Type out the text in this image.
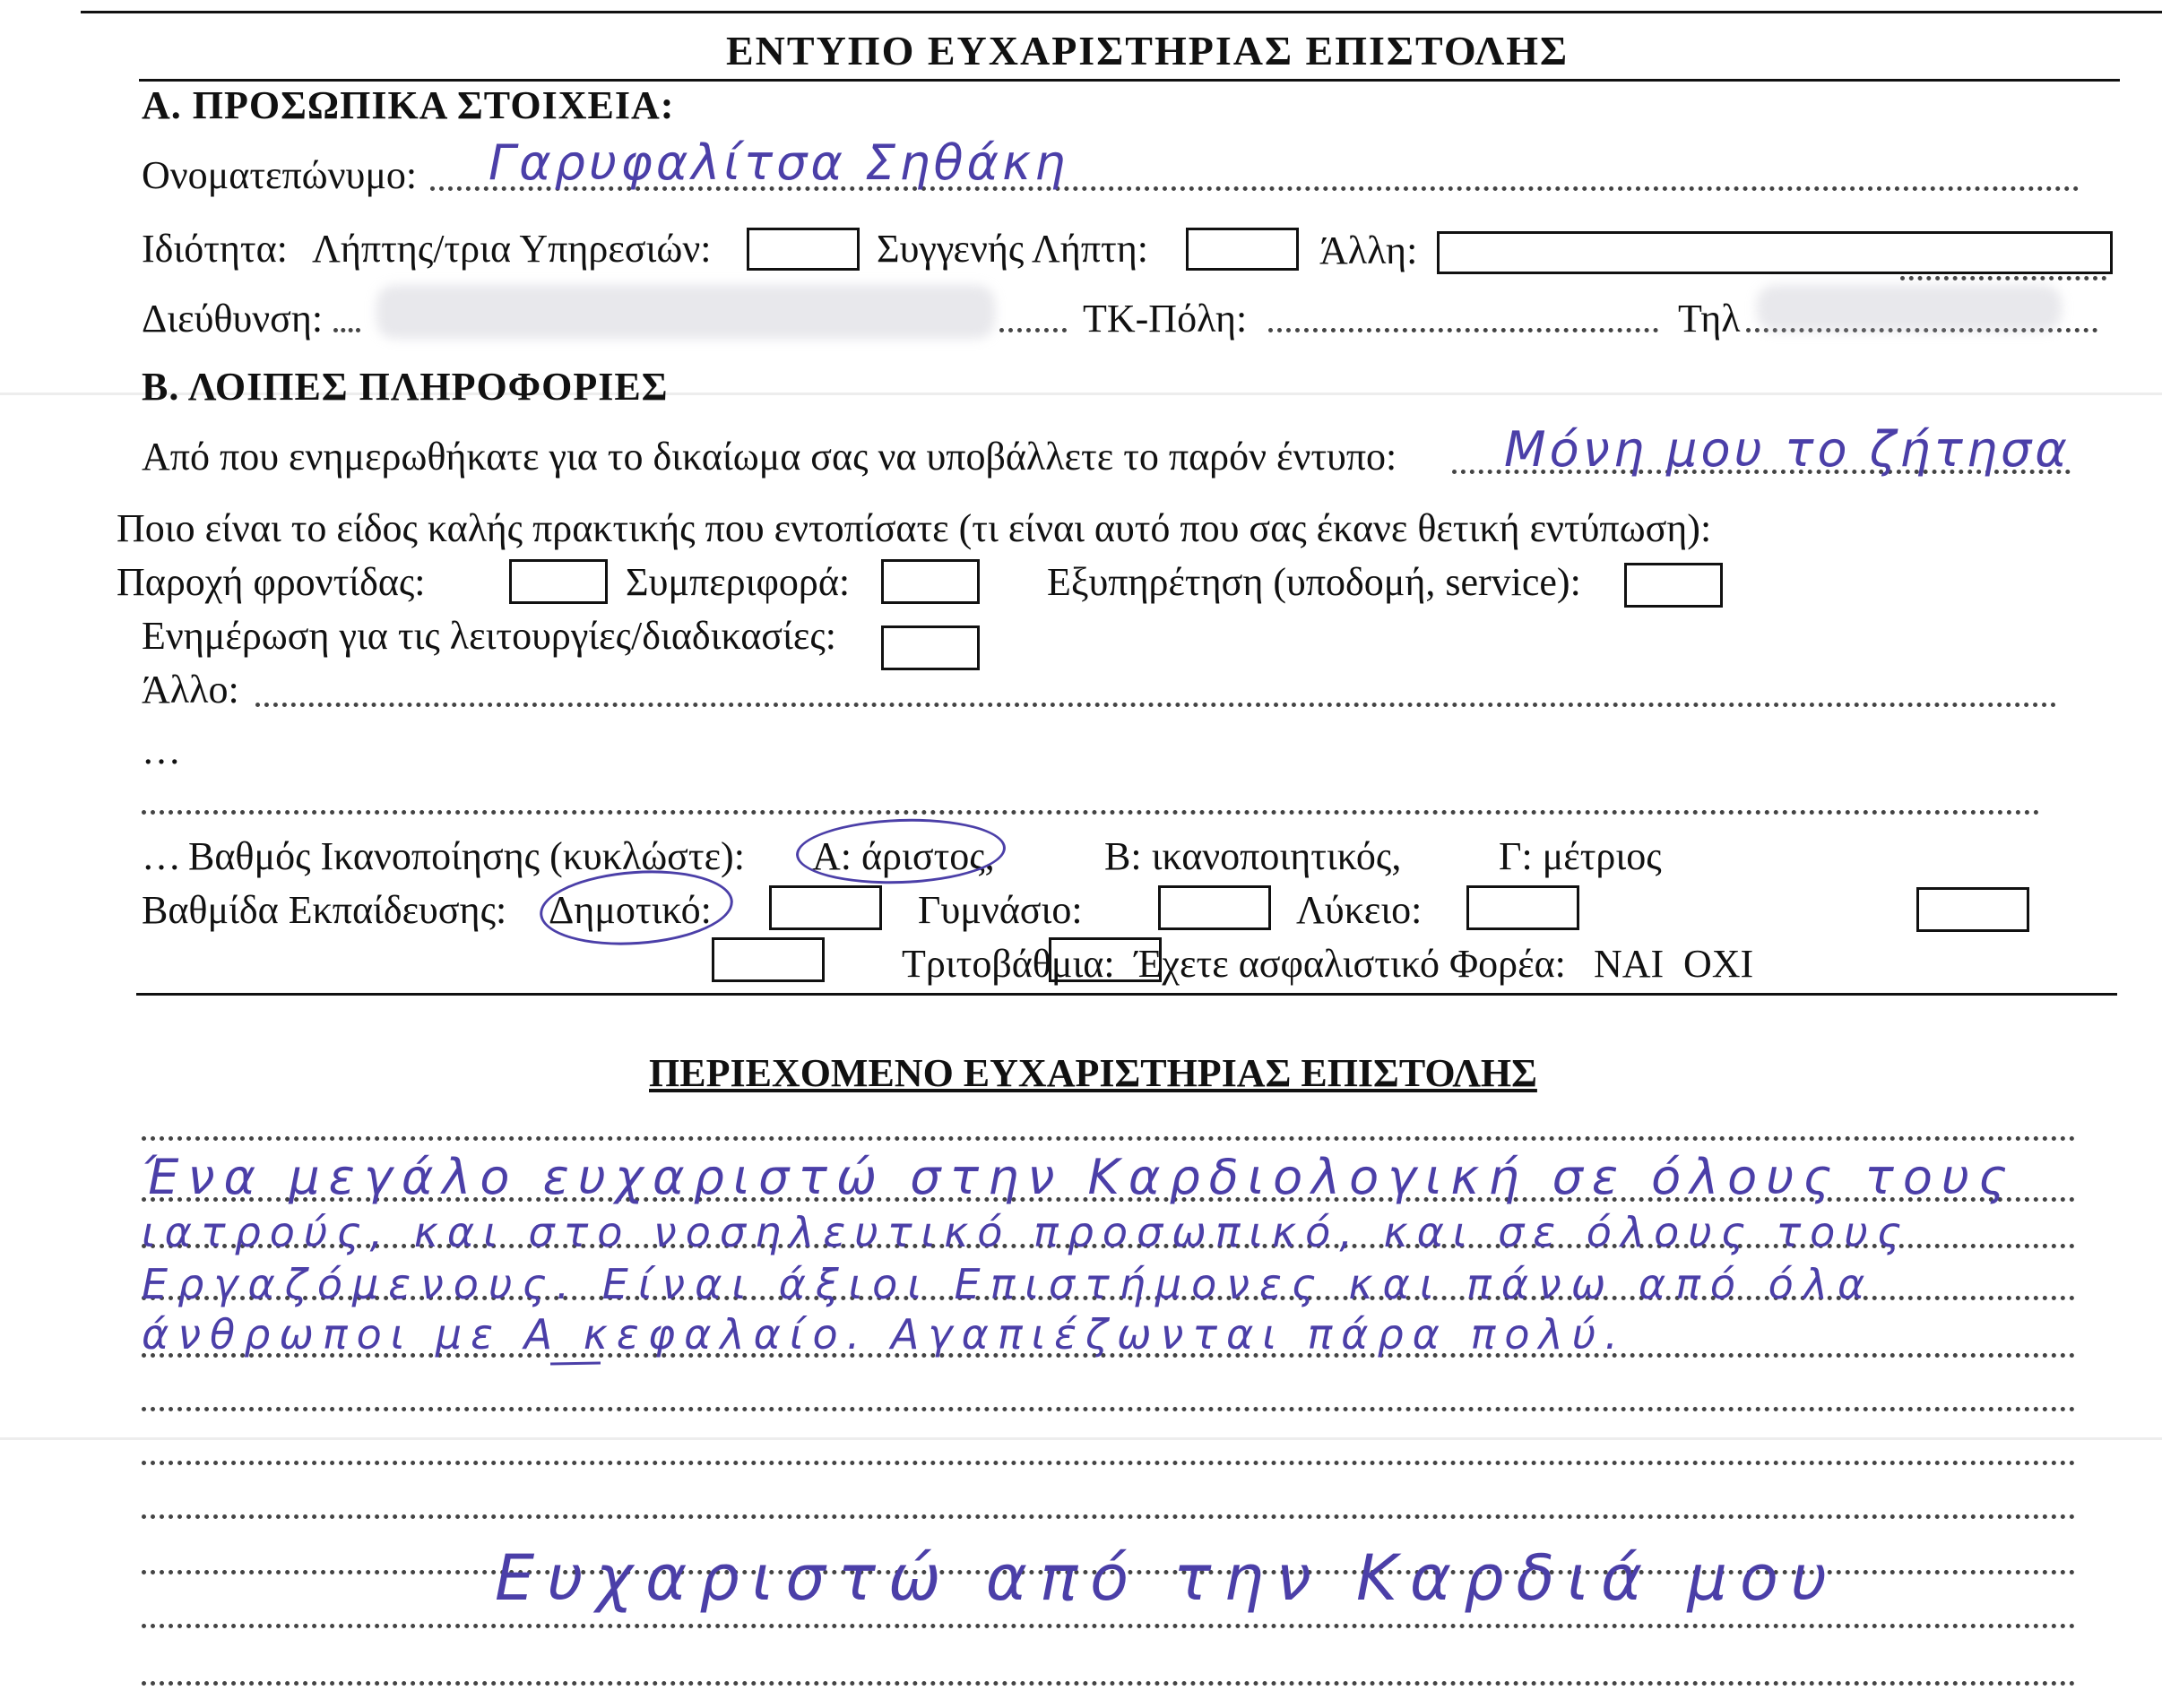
ΕΝΤΥΠΟ ΕΥΧΑΡΙΣΤΗΡΙΑΣ ΕΠΙΣΤΟΛΗΣ
Α. ΠΡΟΣΩΠΙΚΑ ΣΤΟΙΧΕΙΑ:
Ονοματεπώνυμο: Γαρυφαλίτσα Σηθάκη
Ιδιότητα: Λήπτης/τρια Υπηρεσιών:	Συγγενής Λήπτη:	Άλλη:
Διεύθυνση:	ΤΚ-Πόλη:	Τηλ
Β. ΛΟΙΠΕΣ ΠΛΗΡΟΦΟΡΙΕΣ
Από που ενημερωθήκατε για το δικαίωμα σας να υποβάλλετε το παρόν έντυπο: Μόνη μου το ζήτησα
Ποιο είναι το είδος καλής πρακτικής που εντοπίσατε (τι είναι αυτό που σας έκανε θετική εντύπωση):
Παροχή φροντίδας:	Συμπεριφορά:	Εξυπηρέτηση (υποδομή, service):
Ενημέρωση για τις λειτουργίες/διαδικασίες:
Άλλο:
…
… Βαθμός Ικανοποίησης (κυκλώστε): Α: άριστος,	Β: ικανοποιητικός, Γ: μέτριος
Βαθμίδα Εκπαίδευσης: Δημοτικό:	Γυμνάσιο:	Λύκειο:
Τριτοβάθμια: Έχετε ασφαλιστικό Φορέα: ΝΑΙ ΟΧΙ
ΠΕΡΙΕΧΟΜΕΝΟ ΕΥΧΑΡΙΣΤΗΡΙΑΣ ΕΠΙΣΤΟΛΗΣ
Ένα μεγάλο ευχαριστώ στην Καρδιολογική σε όλους τους
ιατρούς, και στο νοσηλευτικό προσωπικό, και σε όλους τους
Εργαζόμενους. Είναι άξιοι Επιστήμονες και πάνω από όλα
άνθρωποι με Α κεφαλαίο. Αγαπιέζωνται πάρα πολύ.
Ευχαριστώ από την Καρδιά μου
